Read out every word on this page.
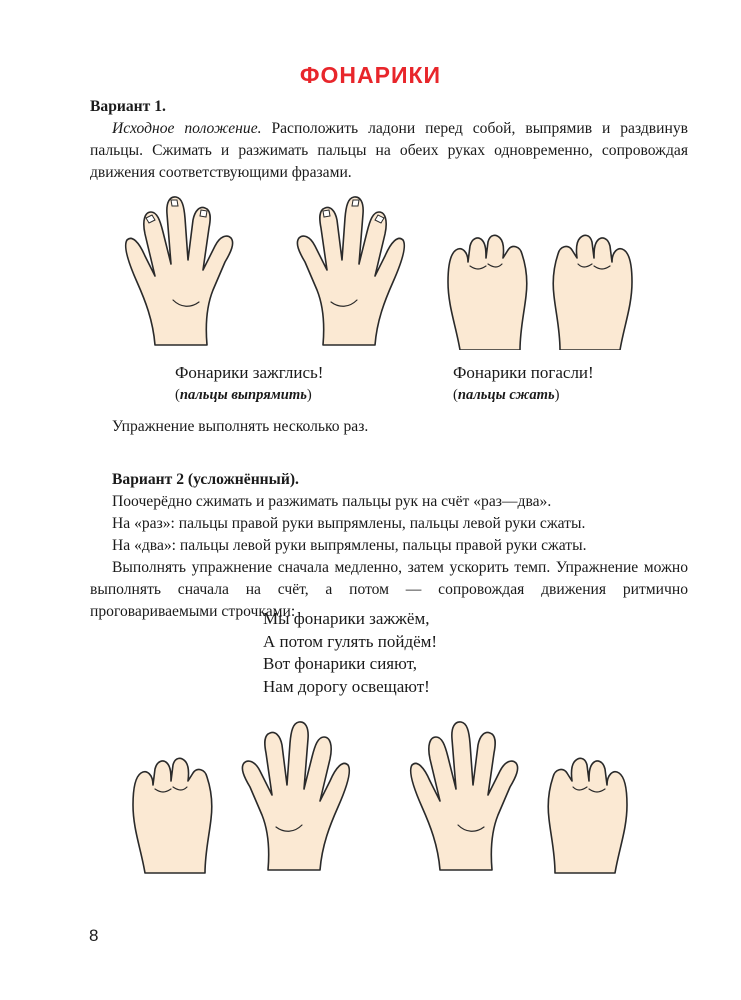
ФОНАРИКИ
Вариант 1.
Исходное положение. Расположить ладони перед собой, выпрямив и раздвинув пальцы. Сжимать и разжимать пальцы на обеих руках одновременно, сопровождая движения соответствующими фразами.
Фонарики зажглись!
(пальцы выпрямить)
Фонарики погасли!
(пальцы сжать)
Упражнение выполнять несколько раз.
Вариант 2 (усложнённый).
Поочерёдно сжимать и разжимать пальцы рук на счёт «раз—два».
На «раз»: пальцы правой руки выпрямлены, пальцы левой руки сжаты.
На «два»: пальцы левой руки выпрямлены, пальцы правой руки сжаты.
Выполнять упражнение сначала медленно, затем ускорить темп. Упражнение можно выполнять сначала на счёт, а потом — сопровождая движения ритмично проговариваемыми строчками:
Мы фонарики зажжём,
А потом гулять пойдём!
Вот фонарики сияют,
Нам дорогу освещают!
8
